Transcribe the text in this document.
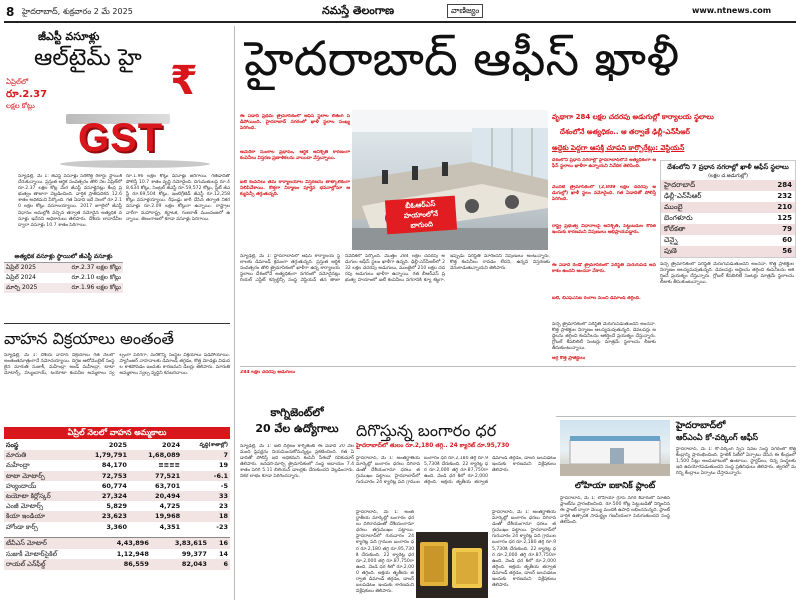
8 హైదరాబాద్, శుక్రవారం 2 మే 2025	నమస్తే తెలంగాణ	వాణిజ్యం	www.ntnews.com
జీఎస్టీ వసూళ్లు
ఆల్‌టైమ్ హై
ఏప్రిల్‌లో
రూ.2.37
లక్షల కోట్లు
₹
GST
న్యూఢిల్లీ, మే 1: జీఎస్టీ వసూళ్లు సరికొత్త రికార్డు స్థాయికి చేరుకున్నాయి. ప్రస్తుత ఆర్థిక సంవత్సరం తొలి నెల ఏప్రిల్‌లో రూ.2.37 లక్షల కోట్ల మేర జీఎస్టీ వసూళ్లైనట్లు కేంద్ర ప్రభుత్వం తాజాగా వెల్లడించింది. వార్షిక ప్రాతిపదికన 12.6 శాతం అధికమని పేర్కొంది. గత ఏడాది ఇదే నెలలో రూ.2.10 లక్షల కోట్లు వసూలయ్యాయి. 2017 జూలైలో జీఎస్టీ విధానం అమల్లోకి వచ్చిన తర్వాత నమోదైన అత్యధిక వసూళ్లు ఇవేనని అధికారులు తెలిపారు. దేశీయ లావాదేవీల ద్వారా వసూళ్లు 10.7 శాతం పెరిగాయి.
రూ.1.96 లక్షల కోట్లు వసూళ్లు జరిగాయి. గతేడాదితో పోలిస్తే 10.7 శాతం వృద్ధి నమోదైంది. దిగుమతులపై రూ.48,634 కోట్లు, సెంట్రల్ జీఎస్టీ రూ.59,572 కోట్లు, స్టేట్ జీఎస్టీ రూ.69,504 కోట్లు, ఇంటిగ్రేటెడ్ జీఎస్టీ రూ.12,258 కోట్లు వసూళ్లయ్యాయి. రీఫండ్లు జారీ చేసిన తర్వాత నికర వసూళ్లు రూ.2.09 లక్షల కోట్లుగా ఉన్నాయి. రాష్ట్రాల వారీగా మహారాష్ట్ర, కర్ణాటక, గుజరాత్ ముందంజలో ఉన్నాయి. తెలంగాణలో కూడా వసూళ్లు పెరిగాయి.
అత్యధిక వసూళ్లు స్థాయిలో జీఎస్టీ వసూళ్లు
ఏప్రిల్ 2025	రూ.2.37 లక్షల కోట్లు
ఏప్రిల్ 2024	రూ.2.10 లక్షల కోట్లు
మార్చి 2025	రూ.1.96 లక్షల కోట్లు
వాహన విక్రయాలు అంతంతే
న్యూఢిల్లీ, మే 1: దేశీయ వాహన విక్రయాలు గత నెలలో అంతంతమాత్రంగానే నమోదయ్యాయి. దిగ్గజ ఆటోమొబైల్ సంస్థలైన మారుతి సుజుకీ, మహీంద్రా అండ్ మహీంద్రా, టాటా మోటార్స్, హ్యుందాయ్, టయోటా కంపెనీల అమ్మకాలు స్వల్పంగా పెరగగా, మరికొన్ని సంస్థల విక్రయాలు పడిపోయాయి. ప్యాసింజర్ వాహనాలకు డిమాండ్ తగ్గడం, కొత్త మోడళ్లు విడుదల కాకపోవడం ఇందుకు కారణమని డీలర్లు తెలిపారు. మారుతి అమ్మకాలు స్వల్ప వృద్ధిని కనబరిచాయి.
ఏప్రిల్ నెలలో వాహన అమ్మకాలు
సంస్థ	2025	2024	వృద్ధి(శాతాల్లో)
మారుతి	1,79,791	1,68,089	7
మహీంద్రా	84,170	≡≡≡≡	19
టాటా మోటార్స్	72,753	77,521	-6.1
హ్యుందాయ్	60,774	63,701	-5
టయోటా కిర్లోస్కర్	27,324	20,494	33
ఎంజీ మోటార్స్	5,829	4,725	23
కియా ఇండియా	23,623	19,968	18
హోండా కార్స్	3,360	4,351	-23
టీవీఎస్ మోటార్	4,43,896	3,83,615	16
సుజుకీ మోటార్‌సైకిల్	1,12,948	99,377	14
రాయల్ ఎన్‌ఫీల్డ్	86,559	82,043	6
హైదరాబాద్ ఆఫీస్ ఖాళీ
ఈ ఏడాది ప్రథమ త్రైమాసికంలో ఆఫీస్ స్థలాల లీజింగ్ పడిపోయింది. హైదరాబాద్ నగరంలో ఖాళీ స్థలాల సంఖ్య పెరిగింది.
అమెరికా సుంకాల ప్రభావం, ఆర్థిక అనిశ్చితి కారణంగా కంపెనీలు విస్తరణ ప్రణాళికలను వాయిదా వేస్తున్నాయి.
ఐటీ కంపెనీలు తమ కార్యాలయాల విస్తరణను తాత్కాలికంగా నిలిపివేశాయి. కొత్తగా నిర్మాణం పూర్తైన భవనాల్లోనూ ఆక్యుపెన్సీ తగ్గుతున్నది.
బీఓఆర్‌ఎస్
హయాంలోనే
బాగుంది
వృథాగా 284 లక్షల చదరపు అడుగుల్లో కార్యాలయ స్థలాలు
దేశంలోనే అత్యధికం.. ఆ తర్వాతే ఢిల్లీ-ఎన్‌సీఆర్
అద్దెకు పెద్దగా ఆసక్తి చూపని కార్పొరేట్లు: వెస్టియన్
దేశంలోని ప్రధాన నగరాల్లో హైదరాబాద్‌లోనే అత్యధికంగా ఆఫీస్ స్థలాలు ఖాళీగా ఉన్నాయని నివేదిక తెలిపింది.
మొదటి త్రైమాసికంలో (2,809 లక్షల చదరపు అడుగుల్లో) ఖాళీ స్థలం నమోదైంది. గత ఏడాదితో పోలిస్తే పెరిగింది.
రాష్ట్ర ప్రభుత్వ విధానాలపై అనిశ్చితి, పెట్టుబడుల కొరత ఇందుకు కారణమని నిపుణులు అభిప్రాయపడ్డారు.
ఈ ఏడాది రెండో త్రైమాసికంలో పరిస్థితి మెరుగుపడే అవకాశం ఉందని అంచనా వేశారు.
ఐటీ, బీఎఫ్‌ఎస్‌ఐ రంగాల నుంచి డిమాండ్ తగ్గింది.
దేశంలోని 7 ప్రధాన నగరాల్లో ఖాళీ ఆఫీస్ స్థలాలు
(లక్షల చ.అడుగుల్లో)
హైదరాబాద్	284
ఢిల్లీ-ఎన్‌సీఆర్	232
ముంబై	210
బెంగళూరు	125
కోల్‌కతా	79
చెన్నై	60
పుణె	56
న్యూఢిల్లీ, మే 1: హైదరాబాద్‌లో ఆఫీస్ కార్యాలయ స్థలాలకు డిమాండ్ క్రమంగా తగ్గుతున్నది. ప్రస్తుత ఆర్థిక సంవత్సరం తొలి త్రైమాసికంలో ఖాళీగా ఉన్న కార్యాలయ స్థలాలు దేశంలోనే అత్యధికంగా నగరంలో నమోదైనట్లు రియల్ ఎస్టేట్ కన్సల్టెన్సీ సంస్థ వెస్టియన్ తన తాజా నివేదికలో పేర్కొంది. మొత్తం 284 లక్షల చదరపు అడుగుల ఆఫీస్ స్థలం ఖాళీగా ఉన్నది. ఢిల్లీ-ఎన్‌సీఆర్‌లో 232 లక్షల చదరపు అడుగులు, ముంబైలో 210 లక్షల చదరపు అడుగులు ఖాళీగా ఉన్నాయి. గత బీఆర్‌ఎస్ ప్రభుత్వ హయాంలో ఐటీ కంపెనీలు నగరానికి క్యూ కట్టగా, ఇప్పుడు పరిస్థితి మారిందని నిపుణులు అంటున్నారు. కొత్త కంపెనీలు రావడం లేదని, ఉన్నవి విస్తరణకు వెనుకాడుతున్నాయని తెలిపారు.
వచ్చే త్రైమాసికంలో పరిస్థితి మెరుగుపడుతుందని అంచనా. కొత్త ప్రాజెక్టుల నిర్మాణం ఆలస్యమవుతున్నది. డెవలపర్లు అద్దెలను తగ్గించి కంపెనీలను ఆకర్షించే ప్రయత్నం చేస్తున్నారు. గ్లోబల్ కేపబిలిటీ సెంటర్లు మాత్రమే స్థలాలను లీజుకు తీసుకుంటున్నాయి.
అగ్ర కొత్త ప్రాజెక్టులు
వచ్చే త్రైమాసికంలో పరిస్థితి మెరుగుపడుతుందని అంచనా. కొత్త ప్రాజెక్టుల నిర్మాణం ఆలస్యమవుతున్నది. డెవలపర్లు అద్దెలను తగ్గించి కంపెనీలను ఆకర్షించే ప్రయత్నం చేస్తున్నారు. గ్లోబల్ కేపబిలిటీ సెంటర్లు మాత్రమే స్థలాలను లీజుకు తీసుకుంటున్నాయి.
284 లక్షల చదరపు అడుగులు
కాగ్నిజెంట్‌లో
20 వేల ఉద్యోగాలు
న్యూఢిల్లీ, మే 1: ఐటీ దిగ్గజం కాగ్నిజెంట్ ఈ ఏడాది 20 వేల మంది ఫ్రెషర్లను నియమించుకోనున్నట్లు ప్రకటించింది. గత ఏడాదితో పోలిస్తే ఇది అధికమని కంపెనీ సీఈవో రవికుమార్ తెలిపారు. జనవరి-మార్చి త్రైమాసికంలో సంస్థ ఆదాయం 7.4 శాతం పెరిగి 5.11 బిలియన్ డాలర్లకు చేరుకుందని వెల్లడించారు. నికర లాభం కూడా పెరిగిందన్నారు.
దిగొస్తున్న బంగారం ధర
హైదరాబాద్‌లో తులం రూ.2,180 తగ్గి.. 24 క్యారెట్ రూ.95,730
హైదరాబాద్, మే 1: అంతర్జాతీయ మార్కెట్లో బంగారం ధరలు దిగిరావడంతో దేశీయంగానూ ధరలు తగ్గుముఖం పట్టాయి. హైదరాబాద్‌లో గురువారం 24 క్యారెట్ల పది గ్రాముల బంగారం ధర రూ.2,180 తగ్గి రూ.95,730కి చేరుకుంది. 22 క్యారెట్ల ధర రూ.2,000 తగ్గి రూ.87,750గా ఉంది. వెండి ధర కిలో రూ.2,000 తగ్గింది. అక్షయ తృతీయ తర్వాత డిమాండ్ తగ్గడం, డాలర్ బలపడటం ఇందుకు కారణమని విశ్లేషకులు తెలిపారు.
హైదరాబాద్, మే 1: అంతర్జాతీయ మార్కెట్లో బంగారం ధరలు దిగిరావడంతో దేశీయంగానూ ధరలు తగ్గుముఖం పట్టాయి. హైదరాబాద్‌లో గురువారం 24 క్యారెట్ల పది గ్రాముల బంగారం ధర రూ.2,180 తగ్గి రూ.95,730కి చేరుకుంది. 22 క్యారెట్ల ధర రూ.2,000 తగ్గి రూ.87,750గా ఉంది. వెండి ధర కిలో రూ.2,000 తగ్గింది. అక్షయ తృతీయ తర్వాత డిమాండ్ తగ్గడం, డాలర్ బలపడటం ఇందుకు కారణమని విశ్లేషకులు తెలిపారు.
హైదరాబాద్, మే 1: అంతర్జాతీయ మార్కెట్లో బంగారం ధరలు దిగిరావడంతో దేశీయంగానూ ధరలు తగ్గుముఖం పట్టాయి. హైదరాబాద్‌లో గురువారం 24 క్యారెట్ల పది గ్రాముల బంగారం ధర రూ.2,180 తగ్గి రూ.95,730కి చేరుకుంది. 22 క్యారెట్ల ధర రూ.2,000 తగ్గి రూ.87,750గా ఉంది. వెండి ధర కిలో రూ.2,000 తగ్గింది. అక్షయ తృతీయ తర్వాత డిమాండ్ తగ్గడం, డాలర్ బలపడటం ఇందుకు కారణమని విశ్లేషకులు తెలిపారు.
లోహియా ఐకానిక్ ప్లాంట్
హైదరాబాద్, మే 1: లోహియా గ్రూప్ నగర శివారులో నూతన ప్లాంట్‌ను ప్రారంభించింది. రూ.500 కోట్ల పెట్టుబడితో నిర్మించిన ఈ ప్లాంట్ ద్వారా వెయ్యి మందికి ఉపాధి లభించనున్నది. ప్లాంట్ వార్షిక ఉత్పాదక సామర్థ్యం గణనీయంగా పెరుగుతుందని సంస్థ తెలిపింది.
హైదరాబాద్‌లో
ఆర్‌ఎంఏ కో-వర్కింగ్ ఆఫీస్
హైదరాబాద్, మే 1: కో-వర్కింగ్ స్పేస్ సేవల సంస్థ నగరంలో కొత్త కేంద్రాన్ని ప్రారంభించింది. హైటెక్ సిటీలో ఏర్పాటు చేసిన ఈ కేంద్రంలో 1,500 సీట్లు అందుబాటులో ఉంటాయి. స్టార్టప్‌లు, చిన్న సంస్థలకు ఇది ఉపయోగపడుతుందని సంస్థ ప్రతినిధులు తెలిపారు. త్వరలో మరిన్ని కేంద్రాలు ఏర్పాటు చేస్తామన్నారు.
